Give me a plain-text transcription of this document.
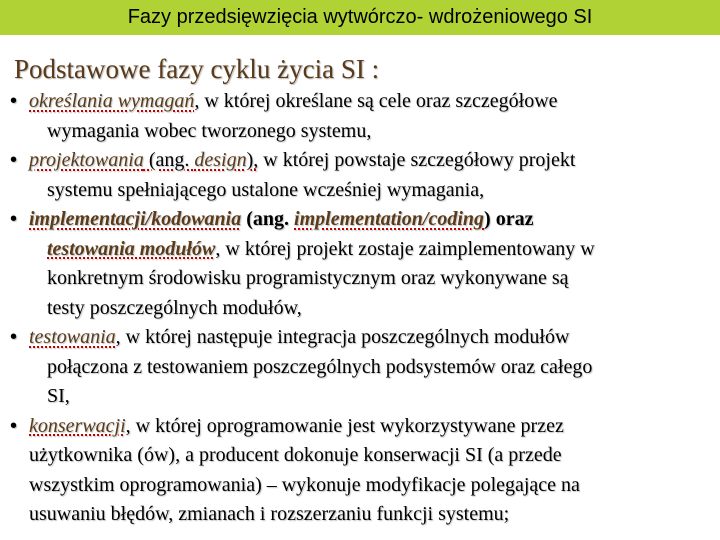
Fazy przedsięwzięcia wytwórczo- wdrożeniowego SI
Podstawowe fazy cyklu życia SI :
• określania wymagań, w której określane są cele oraz szczegółowe
wymagania wobec tworzonego systemu,
• projektowania (ang. design), w której powstaje szczegółowy projekt
systemu spełniającego ustalone wcześniej wymagania,
• implementacji/kodowania (ang. implementation/coding) oraz
testowania modułów, w której projekt zostaje zaimplementowany w
konkretnym środowisku programistycznym oraz wykonywane są
testy poszczególnych modułów,
• testowania, w której następuje integracja poszczególnych modułów
połączona z testowaniem poszczególnych podsystemów oraz całego
SI,
• konserwacji, w której oprogramowanie jest wykorzystywane przez
użytkownika (ów), a producent dokonuje konserwacji SI (a przede
wszystkim oprogramowania) – wykonuje modyfikacje polegające na
usuwaniu błędów, zmianach i rozszerzaniu funkcji systemu;
